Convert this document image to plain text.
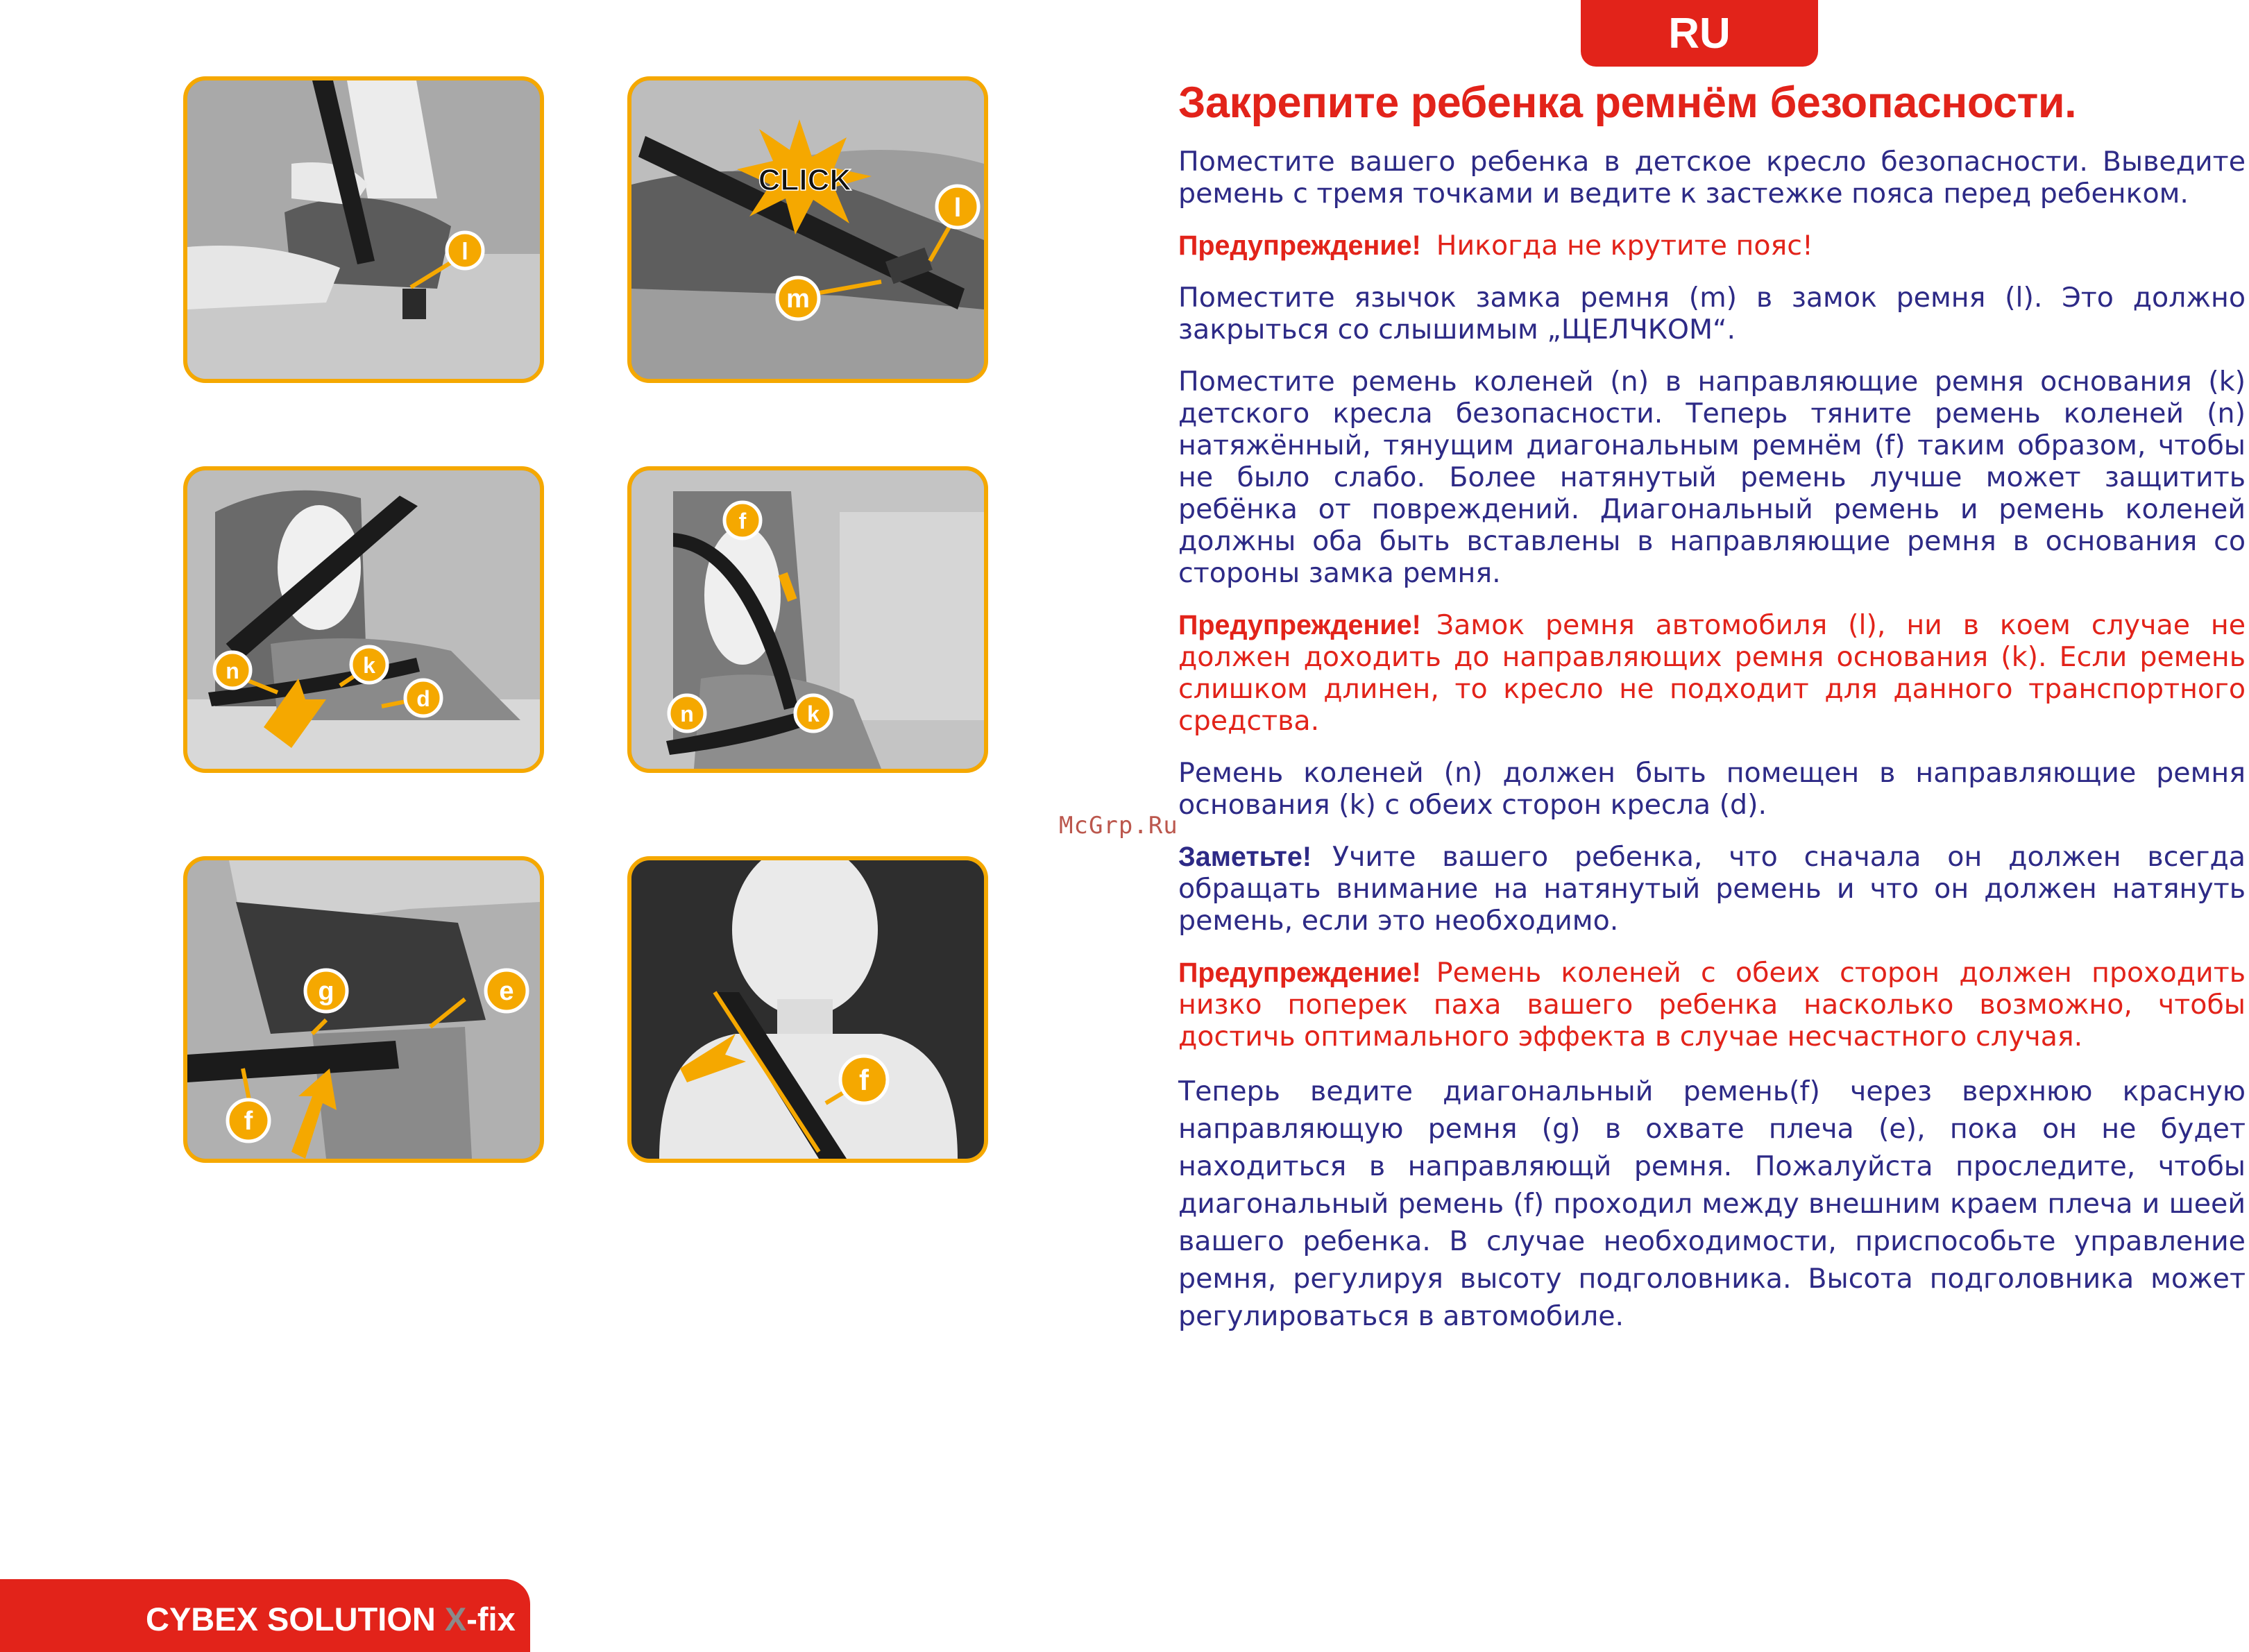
RU
l
CLICK
l
m
n	k
d
f
n	k
g	e
f
f
Закрепите ребенка ремнём безопасности.

Поместите вашего ребенка в детское кресло безопасности. Выведите ремень с тремя точками и ведите к застежке пояса перед ребенком.

Предупреждение! Никогда не крутите пояс!

Поместите язычок замка ремня (m) в замок ремня (l). Это должно закрыться со слышимым „ЩЕЛЧКОМ“.

Поместите ремень коленей (n) в направляющие ремня основания (k) детского кресла безопасности. Теперь тяните ремень коленей (n) натяжённый, тянущим диагональным ремнём (f) таким образом, чтобы не было слабо. Более натянутый ремень лучше может защитить ребёнка от повреждений. Диагональный ремень и ремень коленей должны оба быть вставлены в направляющие ремня в основания со стороны замка ремня.

Предупреждение! Замок ремня автомобиля (l), ни в коем случае не должен доходить до направляющих ремня основания (k). Если ремень слишком длинен, то кресло не подходит для данного транспортного средства.

Ремень коленей (n) должен быть помещен в направляющие ремня основания (k) с обеих сторон кресла (d).

Заметьте! Учите вашего ребенка, что сначала он должен всегда обращать внимание на натянутый ремень и что он должен натянуть ремень, если это необходимо.

Предупреждение! Ремень коленей с обеих сторон должен проходить низко поперек паха вашего ребенка насколько возможно, чтобы достичь оптимального эффекта в случае несчастного случая.

Теперь ведите диагональный ремень(f) через верхнюю красную направляющую ремня (g) в охвате плеча (e), пока он не будет находиться в направляющй ремня. Пожалуйста проследите, чтобы диагональный ремень (f) проходил между внешним краем плеча и шеей вашего ребенка. В случае необходимости, приспособьте управление ремня, регулируя высоту подголовника. Высота подголовника может регулироваться в автомобиле.

McGrp.Ru
CYBEX SOLUTION X-fix
